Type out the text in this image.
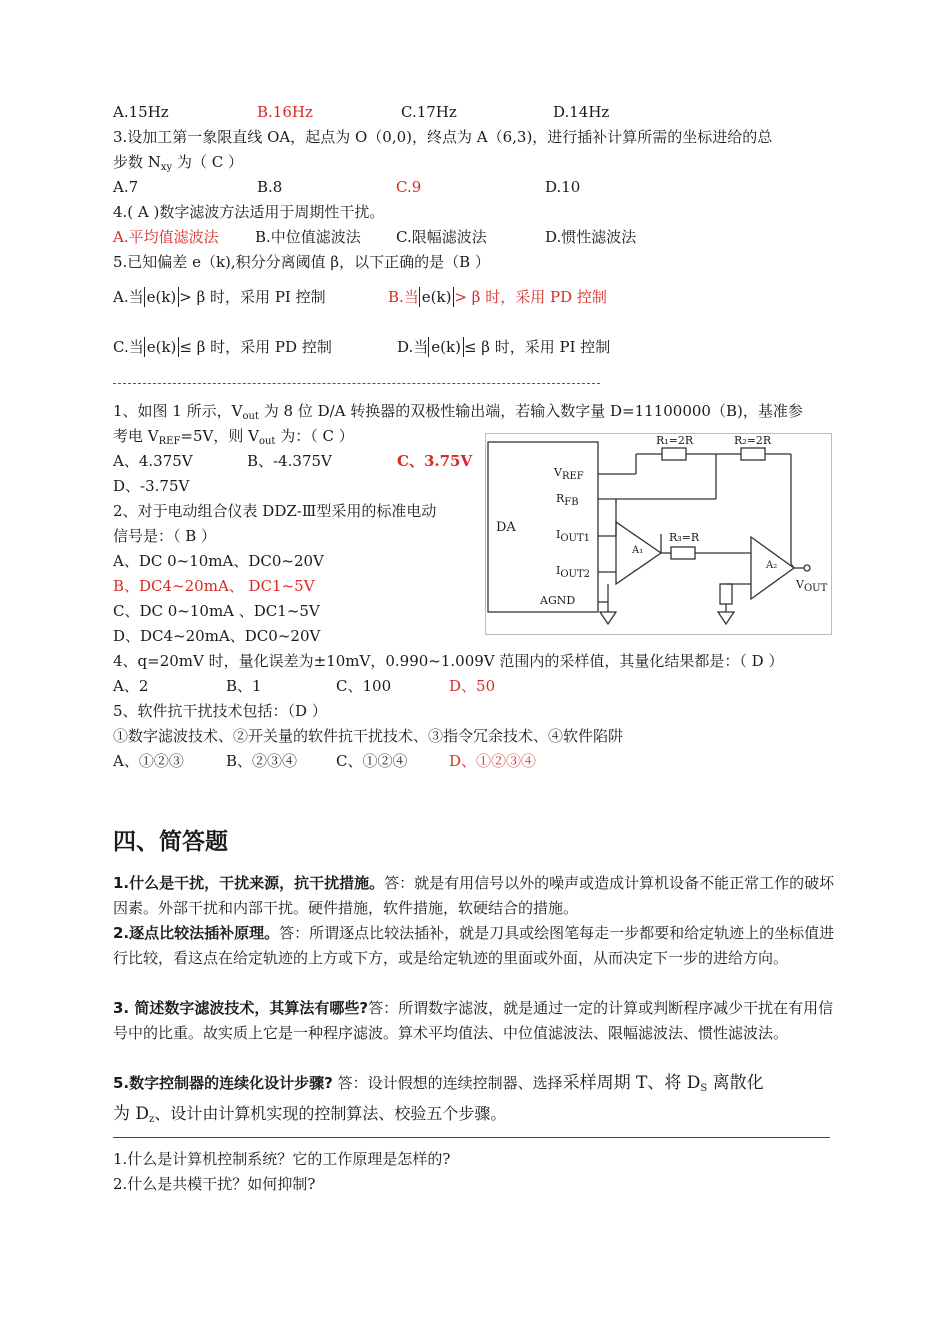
A.15Hz	B.16Hz	C.17Hz	D.14Hz
3.设加工第一象限直线 OA，起点为 O（0,0)，终点为 A（6,3)，进行插补计算所需的坐标进给的总
步数 $N_{xy}$ 为（ C ）
A.7	B.8	C.9	D.10
4.( A )数字滤波方法适用于周期性干扰。
A.平均值滤波法 B.中位值滤波法 C.限幅滤波法	D.惯性滤波法
5.已知偏差 e（k),积分分离阈值 β，以下正确的是（B ）
A.当 e(k) > β 时，采用 PI 控制	B.当 e(k) > β 时，采用 PD 控制
C.当 e(k) ≤ β 时，采用 PD 控制	D.当 e(k) ≤ β 时，采用 PI 控制
1、如图 1 所示，$V_{out}$ 为 8 位 D/A 转换器的双极性输出端，若输入数字量 D=11100000（B)，基准参
考电 $V_{REF}=5V$，则 $V_{out}$ 为：（ C ）
A、4.375V	B、-4.375V	C、3.75V
D、-3.75V
2、对于电动组合仪表 DDZ-Ⅲ型采用的标准电动
信号是：（ B ）
A、DC 0~10mA、DC0~20V
B、DC4~20mA、 DC1~5V
C、DC 0~10mA 、DC1~5V
D、DC4~20mA、DC0~20V
4、q=20mV 时，量化误差为±10mV，0.990~1.009V 范围内的采样值，其量化结果都是：（ D ）
A、2	B、1	C、100	D、50
5、软件抗干扰技术包括：（D ）
①数字滤波技术、②开关量的软件抗干扰技术、③指令冗余技术、④软件陷阱
A、①②③	B、②③④	C、①②④	D、①②③④
DA
$V_{REF}$
$R_{FB}$
$I_{OUT1}$
$I_{OUT2}$
AGND
R₁=2R	R₂=2R
R₃=R
A₁
A₂
$V_{OUT}$
四、简答题
1.什么是干扰，干扰来源，抗干扰措施。答：就是有用信号以外的噪声或造成计算机设备不能正常工作的破坏因素。外部干扰和内部干扰。硬件措施，软件措施，软硬结合的措施。
2.逐点比较法插补原理。答：所谓逐点比较法插补，就是刀具或绘图笔每走一步都要和给定轨迹上的坐标值进行比较，看这点在给定轨迹的上方或下方，或是给定轨迹的里面或外面，从而决定下一步的进给方向。
3. 简述数字滤波技术，其算法有哪些?答：所谓数字滤波，就是通过一定的计算或判断程序减少干扰在有用信号中的比重。故实质上它是一种程序滤波。算术平均值法、中位值滤波法、限幅滤波法、惯性滤波法。
5.数字控制器的连续化设计步骤? 答：设计假想的连续控制器、选择采样周期 T、将 $D_S$ 离散化
为 $D_z$、设计由计算机实现的控制算法、校验五个步骤。
1.什么是计算机控制系统？它的工作原理是怎样的?
2.什么是共模干扰？如何抑制?
